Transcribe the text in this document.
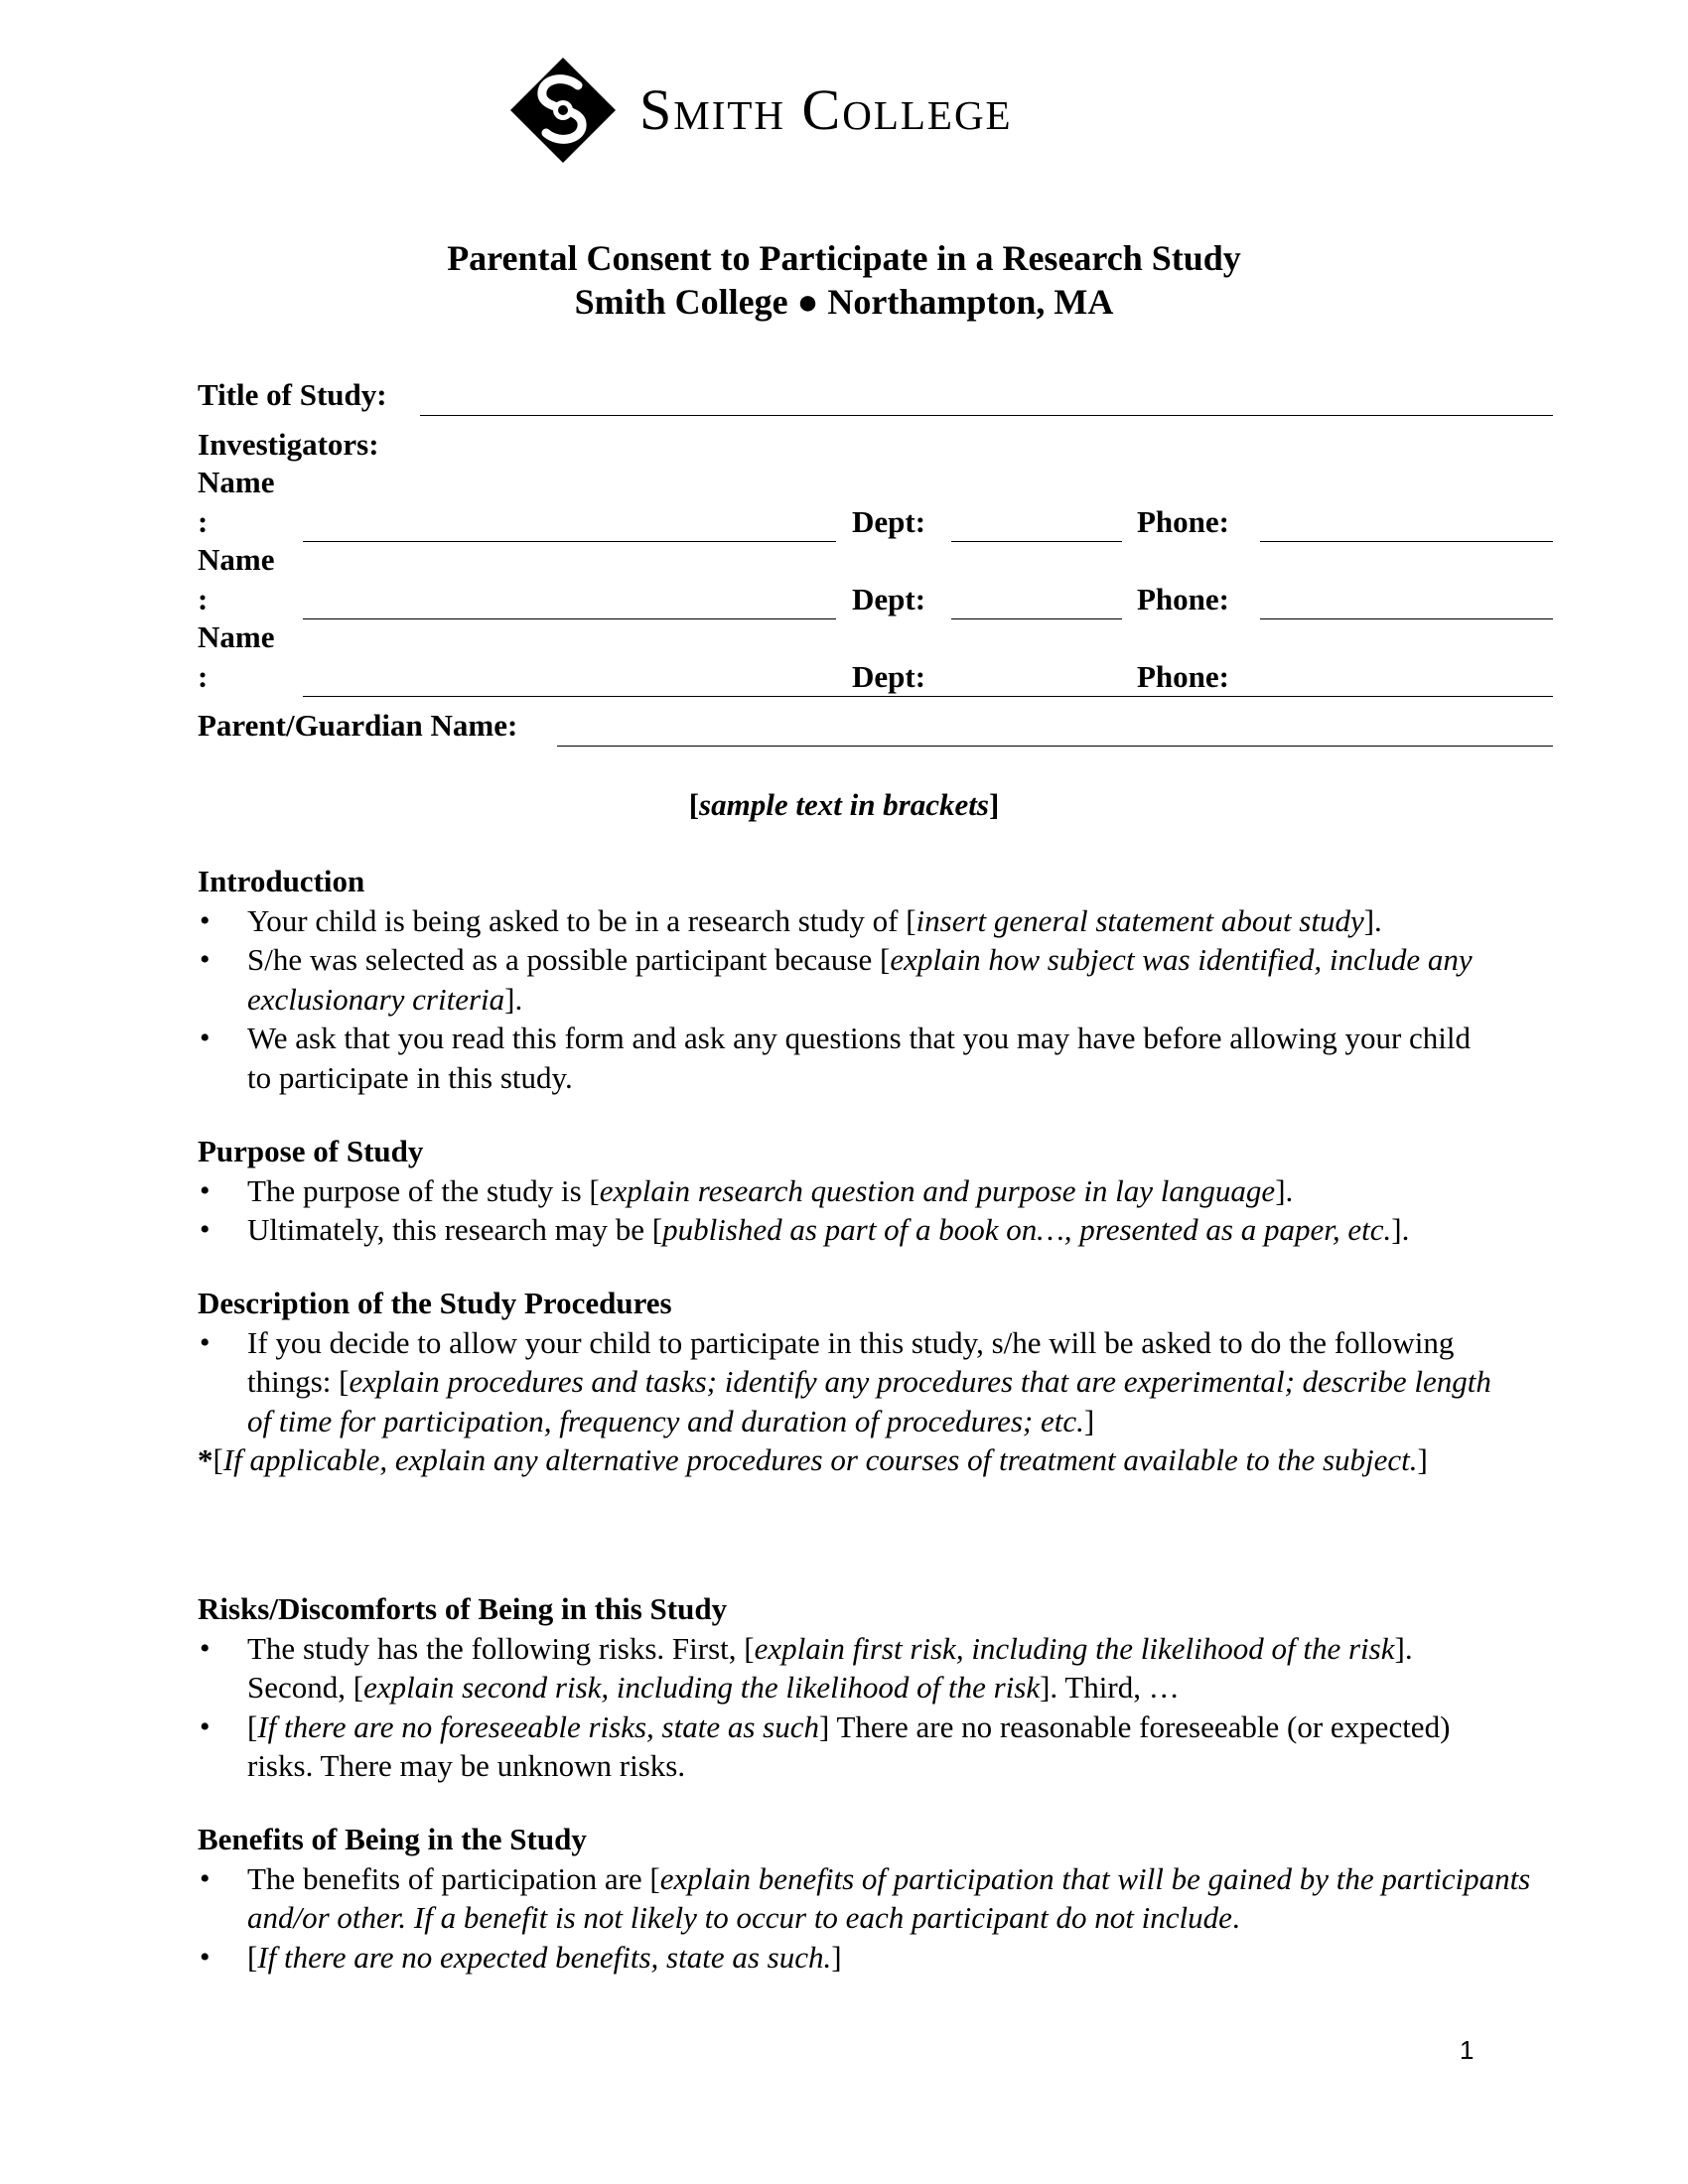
Smith College
Parental Consent to Participate in a Research Study
Smith College ● Northampton, MA
Title of Study:
Investigators:
Name
:	Dept:	Phone:
Name
:	Dept:	Phone:
Name
:	Dept:	Phone:
Parent/Guardian Name:
[sample text in brackets]
Introduction
• Your child is being asked to be in a research study of [insert general statement about study].
• S/he was selected as a possible participant because [explain how subject was identified, include any exclusionary criteria].
• We ask that you read this form and ask any questions that you may have before allowing your child to participate in this study.
Purpose of Study
• The purpose of the study is [explain research question and purpose in lay language].
• Ultimately, this research may be [published as part of a book on…, presented as a paper, etc.].
Description of the Study Procedures
• If you decide to allow your child to participate in this study, s/he will be asked to do the following things: [explain procedures and tasks; identify any procedures that are experimental; describe length of time for participation, frequency and duration of procedures; etc.]
*[If applicable, explain any alternative procedures or courses of treatment available to the subject.]
Risks/Discomforts of Being in this Study
• The study has the following risks. First, [explain first risk, including the likelihood of the risk]. Second, [explain second risk, including the likelihood of the risk]. Third, …
• [If there are no foreseeable risks, state as such] There are no reasonable foreseeable (or expected) risks. There may be unknown risks.
Benefits of Being in the Study
• The benefits of participation are [explain benefits of participation that will be gained by the participants and/or other. If a benefit is not likely to occur to each participant do not include.
• [If there are no expected benefits, state as such.]
1
